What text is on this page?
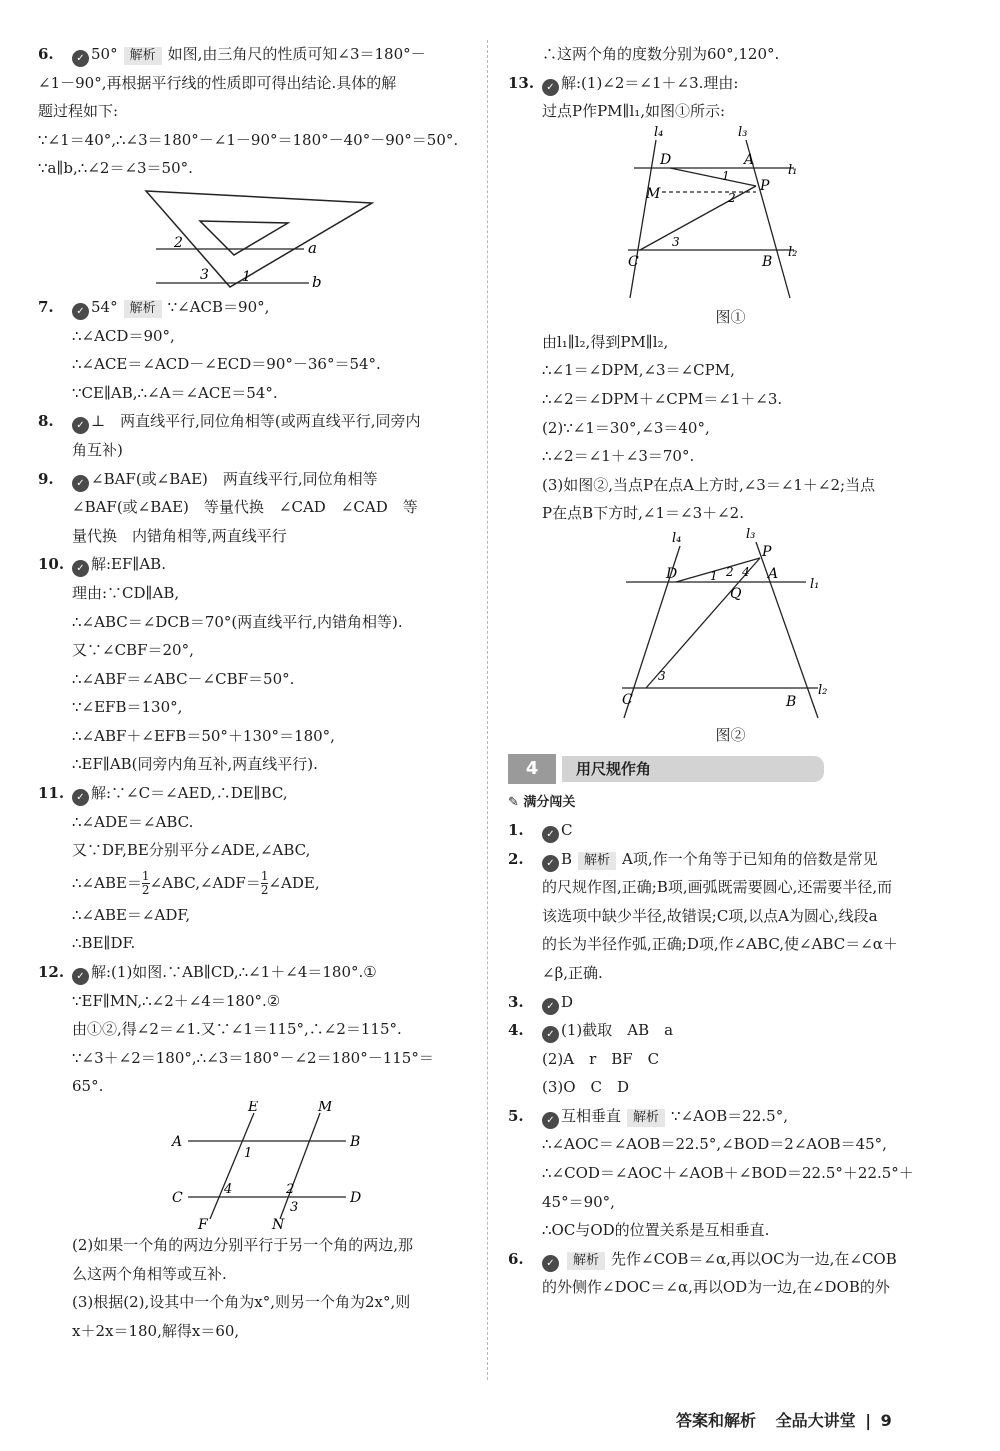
6. ✓ 50° 解析 如图,由三角尺的性质可知∠3＝180°－
∠1－90°,再根据平行线的性质即可得出结论.具体的解
题过程如下:
∵∠1＝40°,∴∠3＝180°－∠1－90°＝180°－40°－90°＝50°.
∵a∥b,∴∠2＝∠3＝50°.
2
3 1
a
b
7. ✓ 54° 解析 ∵∠ACB＝90°,
∴∠ACD＝90°,
∴∠ACE＝∠ACD－∠ECD＝90°－36°＝54°.
∵CE∥AB,∴∠A＝∠ACE＝54°.
8. ✓ ⊥　两直线平行,同位角相等(或两直线平行,同旁内
角互补)
9. ✓ ∠BAF(或∠BAE)　两直线平行,同位角相等
∠BAF(或∠BAE)　等量代换　∠CAD　∠CAD　等
量代换　内错角相等,两直线平行
10. ✓ 解:EF∥AB.
理由:∵CD∥AB,
∴∠ABC＝∠DCB＝70°(两直线平行,内错角相等).
又∵∠CBF＝20°,
∴∠ABF＝∠ABC－∠CBF＝50°.
∵∠EFB＝130°,
∴∠ABF＋∠EFB＝50°＋130°＝180°,
∴EF∥AB(同旁内角互补,两直线平行).
11. ✓ 解:∵∠C＝∠AED,∴DE∥BC,
∴∠ADE＝∠ABC.
又∵DF,BE分别平分∠ADE,∠ABC,
∴∠ABE＝ $\frac{1}{2}$ ∠ABC,∠ADF＝ $\frac{1}{2}$ ∠ADE,
∴∠ABE＝∠ADF,
∴BE∥DF.
12. ✓ 解:(1)如图.∵AB∥CD,∴∠1＋∠4＝180°.①
∵EF∥MN,∴∠2＋∠4＝180°.②
由①②,得∠2＝∠1.又∵∠1＝115°,∴∠2＝115°.
∵∠3＋∠2＝180°,∴∠3＝180°－∠2＝180°－115°＝
65°.
E	M
A	B
C	D
F	N
1
2
3
4
(2)如果一个角的两边分别平行于另一个角的两边,那
么这两个角相等或互补.
(3)根据(2),设其中一个角为x°,则另一个角为2x°,则
x＋2x＝180,解得x＝60,
∴这两个角的度数分别为60°,120°.
13. ✓ 解:(1)∠2＝∠1＋∠3.理由:
过点P作PM∥l₁,如图①所示:
l₄	l₃
D	A
l₁
M	P
C	B
l₂
1
2
3
图①
由l₁∥l₂,得到PM∥l₂,
∴∠1＝∠DPM,∠3＝∠CPM,
∴∠2＝∠DPM＋∠CPM＝∠1＋∠3.
(2)∵∠1＝30°,∠3＝40°,
∴∠2＝∠1＋∠3＝70°.
(3)如图②,当点P在点A上方时,∠3＝∠1＋∠2;当点
P在点B下方时,∠1＝∠3＋∠2.
l₄	l₃
P
D	A
l₁
Q
C	B
l₂
1 2
3
4
图②
4	用尺规作角
✎ 满分闯关
1. ✓ C
2. ✓ B 解析 A项,作一个角等于已知角的倍数是常见
的尺规作图,正确;B项,画弧既需要圆心,还需要半径,而
该选项中缺少半径,故错误;C项,以点A为圆心,线段a
的长为半径作弧,正确;D项,作∠ABC,使∠ABC＝∠α＋
∠β,正确.
3. ✓ D
4. ✓ (1)截取　AB　a
(2)A　r　BF　C
(3)O　C　D
5. ✓ 互相垂直 解析 ∵∠AOB＝22.5°,
∴∠AOC＝∠AOB＝22.5°,∠BOD＝2∠AOB＝45°,
∴∠COD＝∠AOC＋∠AOB＋∠BOD＝22.5°＋22.5°＋
45°＝90°,
∴OC与OD的位置关系是互相垂直.
6. ✓ 解析 先作∠COB＝∠α,再以OC为一边,在∠COB
的外侧作∠DOC＝∠α,再以OD为一边,在∠DOB的外
答案和解析 全品大讲堂 | 9
